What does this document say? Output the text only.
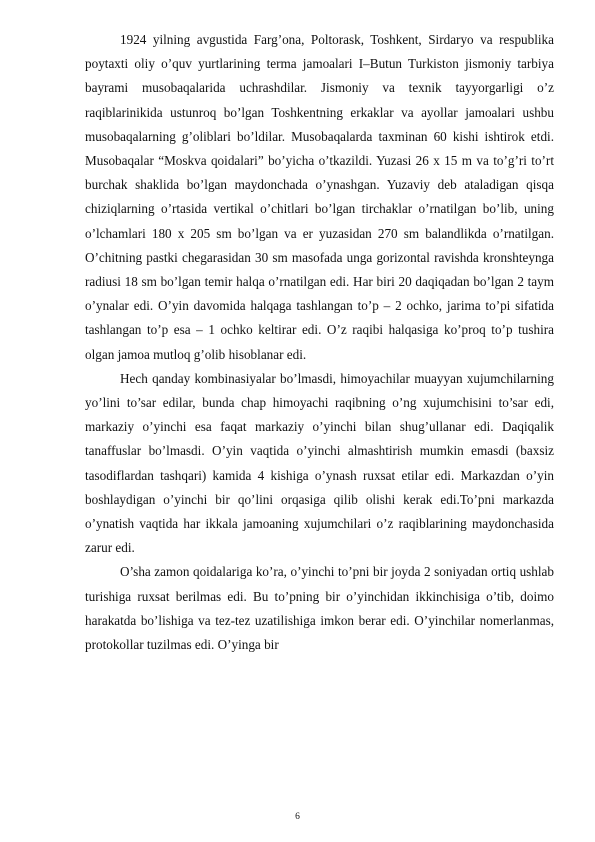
1924 yilning avgustida Farg’ona, Poltorask, Toshkent, Sirdaryo va respublika poytaxti oliy o’quv yurtlarining terma jamoalari I–Butun Turkiston jismoniy tarbiya bayrami musobaqalarida uchrashdilar. Jismoniy va texnik tayyorgarligi o’z raqiblarinikida ustunroq bo’lgan Toshkentning erkaklar va ayollar jamoalari ushbu musobaqalarning g’oliblari bo’ldilar. Musobaqalarda taxminan 60 kishi ishtirok etdi. Musobaqalar “Moskva qoidalari” bo’yicha o’tkazildi. Yuzasi 26 x 15 m va to’g’ri to’rt burchak shaklida bo’lgan maydonchada o’ynashgan. Yuzaviy deb ataladigan qisqa chiziqlarning o’rtasida vertikal o’chitlari bo’lgan tirchaklar o’rnatilgan bo’lib, uning o’lchamlari 180 x 205 sm bo’lgan va er yuzasidan 270 sm balandlikda o’rnatilgan. O’chitning pastki chegarasidan 30 sm masofada unga gorizontal ravishda kronshteynga radiusi 18 sm bo’lgan temir halqa o’rnatilgan edi. Har biri 20 daqiqadan bo’lgan 2 taym o’ynalar edi. O’yin davomida halqaga tashlangan to’p – 2 ochko, jarima to’pi sifatida tashlangan to’p esa – 1 ochko keltirar edi. O’z raqibi halqasiga ko’proq to’p tushira olgan jamoa mutloq g’olib hisoblanar edi.

Hech qanday kombinasiyalar bo’lmasdi, himoyachilar muayyan xujumchilarning yo’lini to’sar edilar, bunda chap himoyachi raqibning o’ng xujumchisini to’sar edi, markaziy o’yinchi esa faqat markaziy o’yinchi bilan shug’ullanar edi. Daqiqalik tanaffuslar bo’lmasdi. O’yin vaqtida o’yinchi almashtirish mumkin emasdi (baxsiz tasodiflardan tashqari) kamida 4 kishiga o’ynash ruxsat etilar edi. Markazdan o’yin boshlaydigan o’yinchi bir qo’lini orqasiga qilib olishi kerak edi.To’pni markazda o’ynatish vaqtida har ikkala jamoaning xujumchilari o’z raqiblarining maydonchasida zarur edi.

O’sha zamon qoidalariga ko’ra, o’yinchi to’pni bir joyda 2 soniyadan ortiq ushlab turishiga ruxsat berilmas edi. Bu to’pning bir o’yinchidan ikkinchisiga o’tib, doimo harakatda bo’lishiga va tez-tez uzatilishiga imkon berar edi. O’yinchilar nomerlanmas, protokollar tuzilmas edi. O’yinga bir

6
